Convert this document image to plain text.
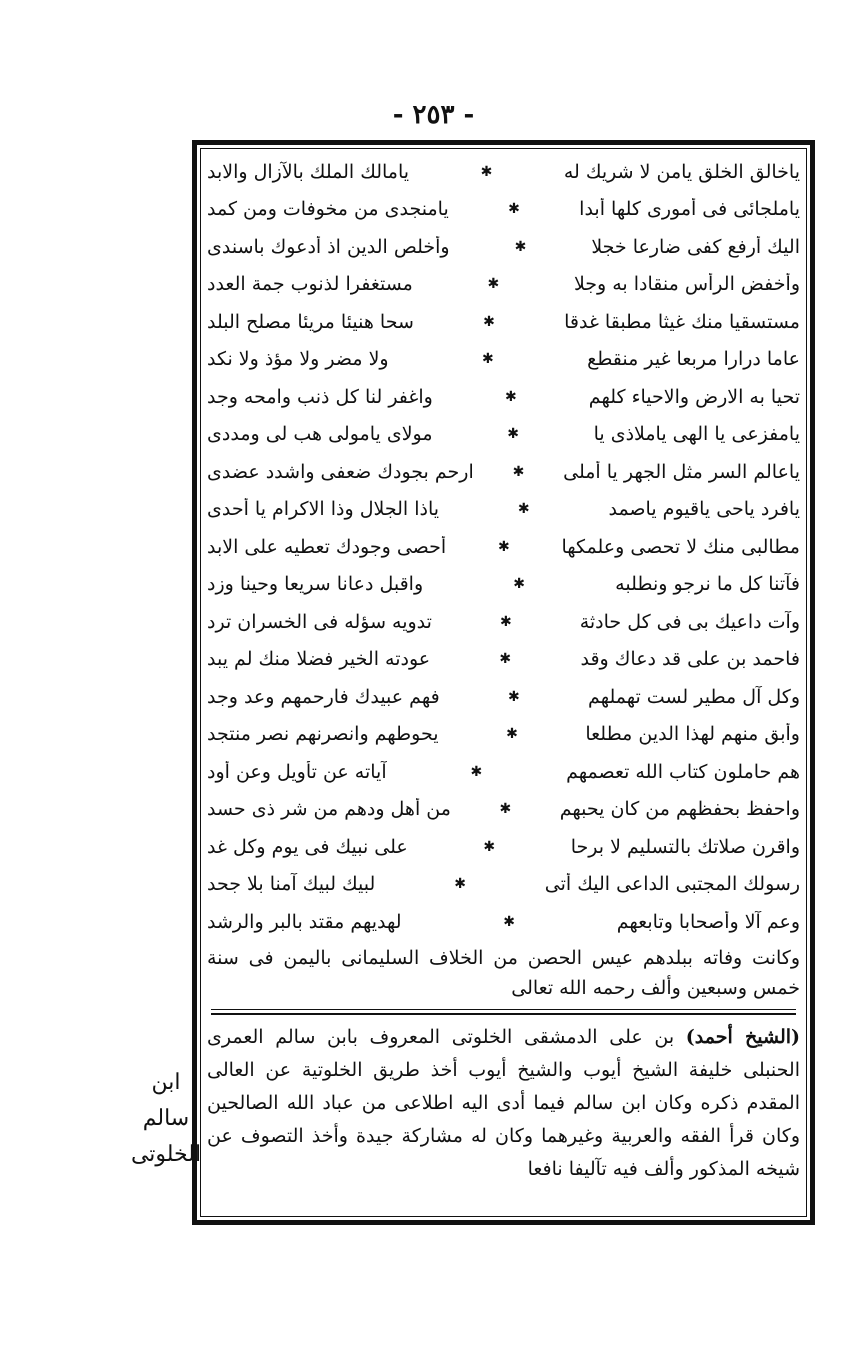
- ٢٥٣ -
ياخالق الخلق يامن لا شريك له
✱
يامالك الملك بالآزال والابد
ياملجائى فى أمورى كلها أبدا
✱
يامنجدى من مخوفات ومن كمد
اليك أرفع كفى ضارعا خجلا
✱
وأخلص الدين اذ أدعوك باسندى
وأخفض الرأس منقادا به وجلا
✱
مستغفرا لذنوب جمة العدد
مستسقيا منك غيثا مطبقا غدقا
✱
سحا هنيئا مريئا مصلح البلد
عاما درارا مربعا غير منقطع
✱
ولا مضر ولا مؤذ ولا نكد
تحيا به الارض والاحياء كلهم
✱
واغفر لنا كل ذنب وامحه وجد
يامفزعى يا الهى ياملاذى يا
✱
مولاى يامولى هب لى ومددى
ياعالم السر مثل الجهر يا أملى
✱
ارحم بجودك ضعفى واشدد عضدى
يافرد ياحى ياقيوم ياصمد
✱
ياذا الجلال وذا الاكرام يا أحدى
مطالبى منك لا تحصى وعلمكها
✱
أحصى وجودك تعطيه على الابد
فآتنا كل ما نرجو ونطلبه
✱
واقبل دعانا سريعا وحينا وزد
وآت داعيك بى فى كل حادثة
✱
تدويه سؤله فى الخسران ترد
فاحمد بن على قد دعاك وقد
✱
عودته الخير فضلا منك لم يبد
وكل آل مطير لست تهملهم
✱
فهم عبيدك فارحمهم وعد وجد
وأبق منهم لهذا الدين مطلعا
✱
يحوطهم وانصرنهم نصر منتجد
هم حاملون كتاب الله تعصمهم
✱
آياته عن تأويل وعن أود
واحفظ بحفظهم من كان يحبهم
✱
من أهل ودهم من شر ذى حسد
واقرن صلاتك بالتسليم لا برحا
✱
على نبيك فى يوم وكل غد
رسولك المجتبى الداعى اليك أتى
✱
لبيك لبيك آمنا بلا جحد
وعم آلا وأصحابا وتابعهم
✱
لهديهم مقتد بالبر والرشد

وكانت وفاته ببلدهم عيس الحصن من الخلاف السليمانى باليمن فى سنة خمس وسبعين وألف رحمه الله تعالى

(الشيخ أحمد) بن على الدمشقى الخلوتى المعروف بابن سالم العمرى الحنبلى خليفة الشيخ أيوب والشيخ أيوب أخذ طريق الخلوتية عن العالى المقدم ذكره وكان ابن سالم فيما أدى اليه اطلاعى من عباد الله الصالحين وكان قرأ الفقه والعربية وغيرهما وكان له مشاركة جيدة وأخذ التصوف عن شيخه المذكور وألف فيه تآليفا نافعا

ابن سالم الخلوتى
